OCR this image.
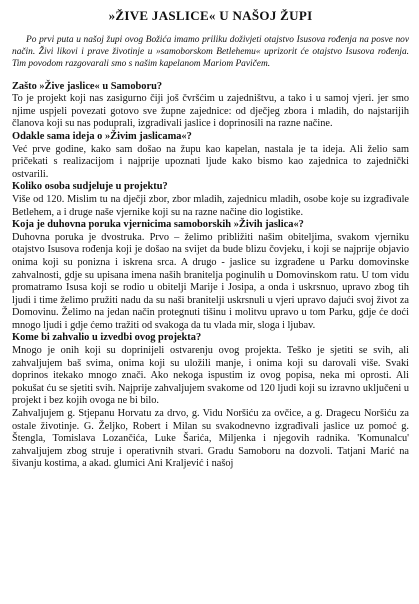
»ŽIVE JASLICE« U NAŠOJ ŽUPI

Po prvi puta u našoj župi ovog Božića imamo priliku doživjeti otajstvo Isusova rođenja na posve nov način. Živi likovi i prave životinje u »samoborskom Betlehemu« uprizorit će otajstvo Isusova rođenja. Tim povodom razgovarali smo s našim kapelanom Mariom Pavičem.

Zašto »Žive jaslice« u Samoboru?

To je projekt koji nas zasigurno čiji još čvršćim u zajedništvu, a tako i u samoj vjeri. jer smo njime uspjeli povezati gotovo sve župne zajednice: od dječjeg zbora i mladih, do najstarijih članova koji su nas poduprali, izgradivali jaslice i doprinosili na razne načine.

Odakle sama ideja o »Živim jaslicama«?

Već prve godine, kako sam došao na župu kao kapelan, nastala je ta ideja. Ali želio sam pričekati s realizacijom i najprije upoznati ljude kako bismo kao zajednica to zajednički ostvarili.

Koliko osoba sudjeluje u projektu?

Više od 120. Mislim tu na dječji zbor, zbor mladih, zajednicu mladih, osobe koje su izgrađivale Betlehem, a i druge naše vjernike koji su na razne načine dio logistike.

Koja je duhovna poruka vjernicima samoborskih »Živih jaslica«?

Duhovna poruka je dvostruka. Prvo – želimo približiti našim obiteljima, svakom vjerniku otajstvo Isusova rođenja koji je došao na svijet da bude blizu čovjeku, i koji se najprije objavio onima koji su ponizna i iskrena srca. A drugo - jaslice su izgrađene u Parku domovinske zahvalnosti, gdje su upisana imena naših branitelja poginulih u Domovinskom ratu. U tom vidu promatramo Isusa koji se rodio u obitelji Marije i Josipa, a onda i uskrsnuo, upravo zbog tih ljudi i time želimo pružiti nadu da su naši branitelji uskrsnuli u vjeri upravo dajući svoj život za Domovinu. Želimo na jedan način protegnuti tišinu i molitvu upravo u tom Parku, gdje će doći mnogo ljudi i gdje ćemo tražiti od svakoga da tu vlada mir, sloga i ljubav.

Kome bi zahvalio u izvedbi ovog projekta?

Mnogo je onih koji su doprinijeli ostvarenju ovog projekta. Teško je sjetiti se svih, ali zahvaljujem baš svima, onima koji su uložili manje, i onima koji su darovali više. Svaki doprinos itekako mnogo znači. Ako nekoga ispustim iz ovog popisa, neka mi oprosti. Ali pokušat ću se sjetiti svih. Najprije zahvaljujem svakome od 120 ljudi koji su izravno uključeni u projekt i bez kojih ovoga ne bi bilo.

Zahvaljujem g. Stjepanu Horvatu za drvo, g. Vidu Noršiću za ovčice, a g. Dragecu Noršiću za ostale životinje. G. Željko, Robert i Milan su svakodnevno izgrađivali jaslice uz pomoć g. Štengla, Tomislava Lozančića, Luke Šarića, Miljenka i njegovih radnika. 'Komunalcu' zahvaljujem zbog struje i operativnih stvari. Gradu Samoboru na dozvoli. Tatjani Marić na šivanju kostima, a akad. glumici Ani Kraljević i našoj
